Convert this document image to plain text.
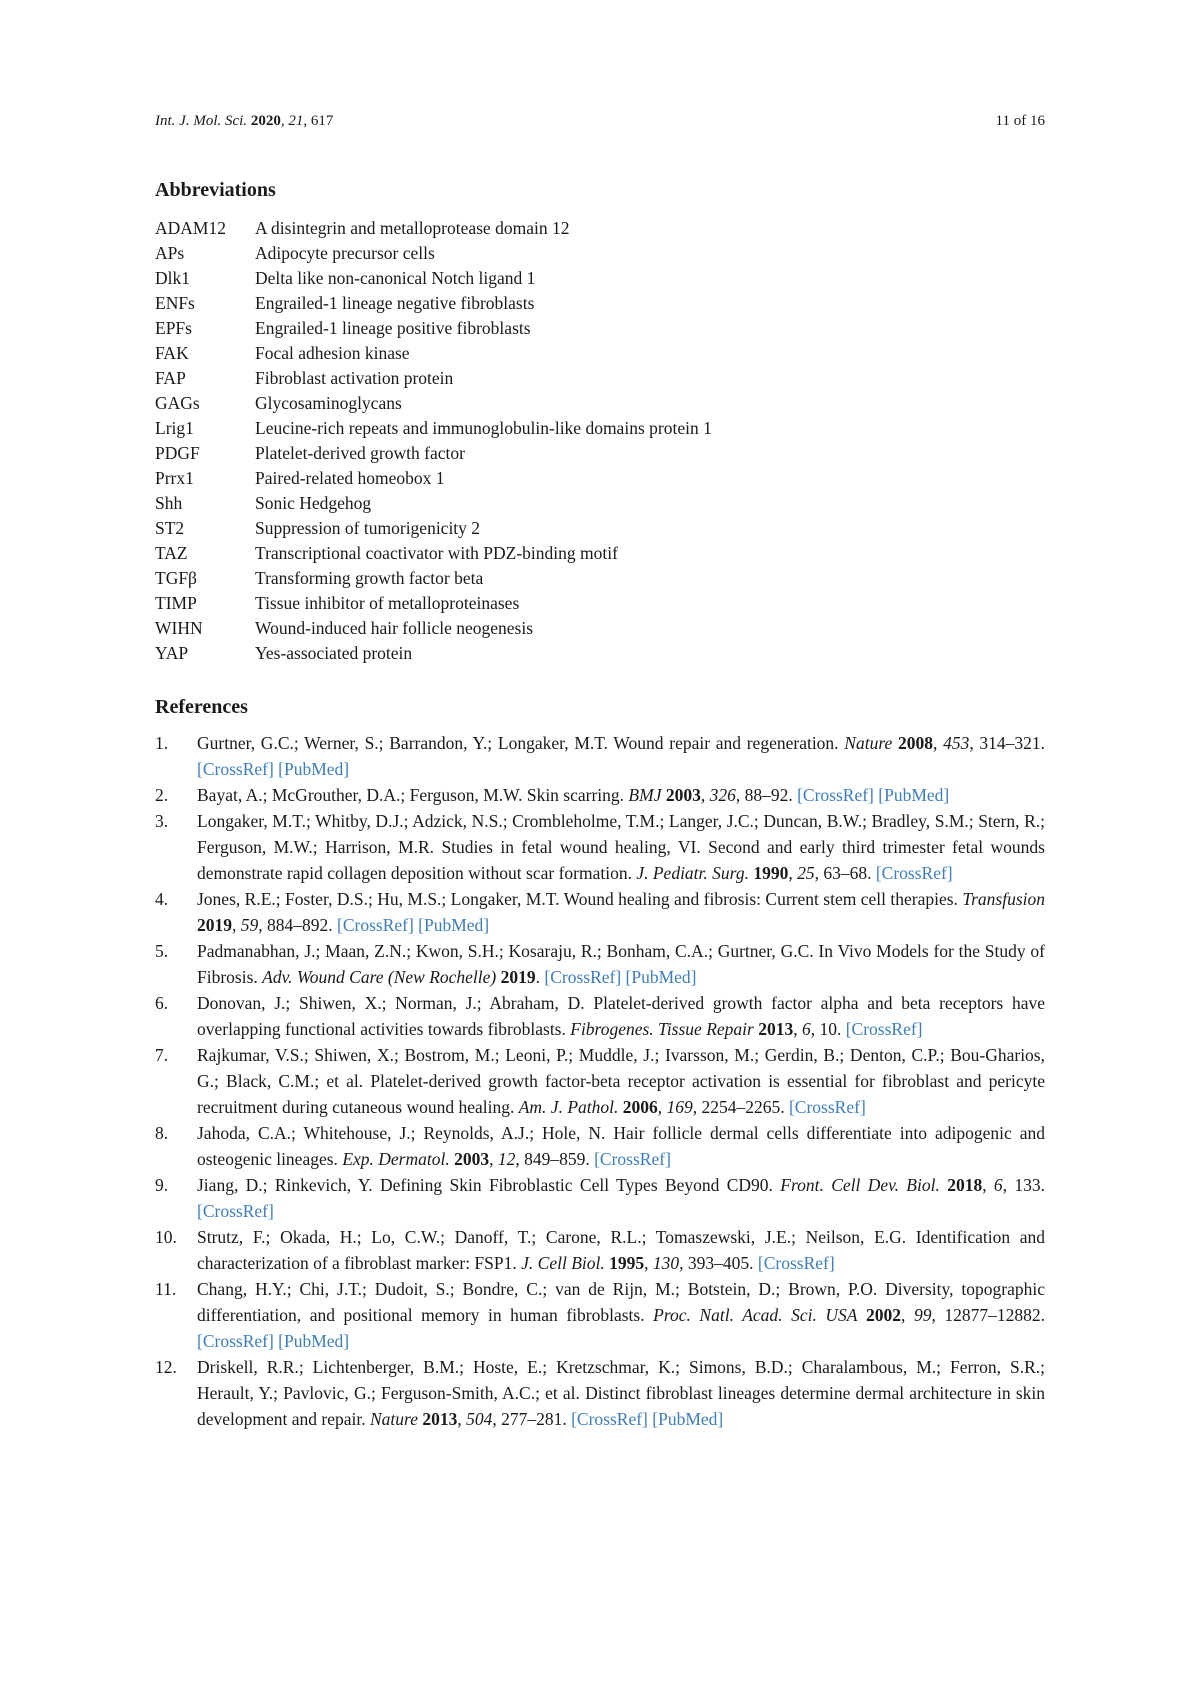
Int. J. Mol. Sci. 2020, 21, 617	11 of 16
Abbreviations
ADAM12 A disintegrin and metalloprotease domain 12
APs	Adipocyte precursor cells
Dlk1	Delta like non-canonical Notch ligand 1
ENFs	Engrailed-1 lineage negative fibroblasts
EPFs	Engrailed-1 lineage positive fibroblasts
FAK	Focal adhesion kinase
FAP	Fibroblast activation protein
GAGs	Glycosaminoglycans
Lrig1	Leucine-rich repeats and immunoglobulin-like domains protein 1
PDGF	Platelet-derived growth factor
Prrx1	Paired-related homeobox 1
Shh	Sonic Hedgehog
ST2	Suppression of tumorigenicity 2
TAZ	Transcriptional coactivator with PDZ-binding motif
TGFβ	Transforming growth factor beta
TIMP	Tissue inhibitor of metalloproteinases
WIHN	Wound-induced hair follicle neogenesis
YAP	Yes-associated protein
References
1. Gurtner, G.C.; Werner, S.; Barrandon, Y.; Longaker, M.T. Wound repair and regeneration. Nature 2008, 453, 314–321. [CrossRef] [PubMed]
2. Bayat, A.; McGrouther, D.A.; Ferguson, M.W. Skin scarring. BMJ 2003, 326, 88–92. [CrossRef] [PubMed]
3. Longaker, M.T.; Whitby, D.J.; Adzick, N.S.; Crombleholme, T.M.; Langer, J.C.; Duncan, B.W.; Bradley, S.M.; Stern, R.; Ferguson, M.W.; Harrison, M.R. Studies in fetal wound healing, VI. Second and early third trimester fetal wounds demonstrate rapid collagen deposition without scar formation. J. Pediatr. Surg. 1990, 25, 63–68. [CrossRef]
4. Jones, R.E.; Foster, D.S.; Hu, M.S.; Longaker, M.T. Wound healing and fibrosis: Current stem cell therapies. Transfusion 2019, 59, 884–892. [CrossRef] [PubMed]
5. Padmanabhan, J.; Maan, Z.N.; Kwon, S.H.; Kosaraju, R.; Bonham, C.A.; Gurtner, G.C. In Vivo Models for the Study of Fibrosis. Adv. Wound Care (New Rochelle) 2019. [CrossRef] [PubMed]
6. Donovan, J.; Shiwen, X.; Norman, J.; Abraham, D. Platelet-derived growth factor alpha and beta receptors have overlapping functional activities towards fibroblasts. Fibrogenes. Tissue Repair 2013, 6, 10. [CrossRef]
7. Rajkumar, V.S.; Shiwen, X.; Bostrom, M.; Leoni, P.; Muddle, J.; Ivarsson, M.; Gerdin, B.; Denton, C.P.; Bou-Gharios, G.; Black, C.M.; et al. Platelet-derived growth factor-beta receptor activation is essential for fibroblast and pericyte recruitment during cutaneous wound healing. Am. J. Pathol. 2006, 169, 2254–2265. [CrossRef]
8. Jahoda, C.A.; Whitehouse, J.; Reynolds, A.J.; Hole, N. Hair follicle dermal cells differentiate into adipogenic and osteogenic lineages. Exp. Dermatol. 2003, 12, 849–859. [CrossRef]
9. Jiang, D.; Rinkevich, Y. Defining Skin Fibroblastic Cell Types Beyond CD90. Front. Cell Dev. Biol. 2018, 6, 133. [CrossRef]
10. Strutz, F.; Okada, H.; Lo, C.W.; Danoff, T.; Carone, R.L.; Tomaszewski, J.E.; Neilson, E.G. Identification and characterization of a fibroblast marker: FSP1. J. Cell Biol. 1995, 130, 393–405. [CrossRef]
11. Chang, H.Y.; Chi, J.T.; Dudoit, S.; Bondre, C.; van de Rijn, M.; Botstein, D.; Brown, P.O. Diversity, topographic differentiation, and positional memory in human fibroblasts. Proc. Natl. Acad. Sci. USA 2002, 99, 12877–12882. [CrossRef] [PubMed]
12. Driskell, R.R.; Lichtenberger, B.M.; Hoste, E.; Kretzschmar, K.; Simons, B.D.; Charalambous, M.; Ferron, S.R.; Herault, Y.; Pavlovic, G.; Ferguson-Smith, A.C.; et al. Distinct fibroblast lineages determine dermal architecture in skin development and repair. Nature 2013, 504, 277–281. [CrossRef] [PubMed]
